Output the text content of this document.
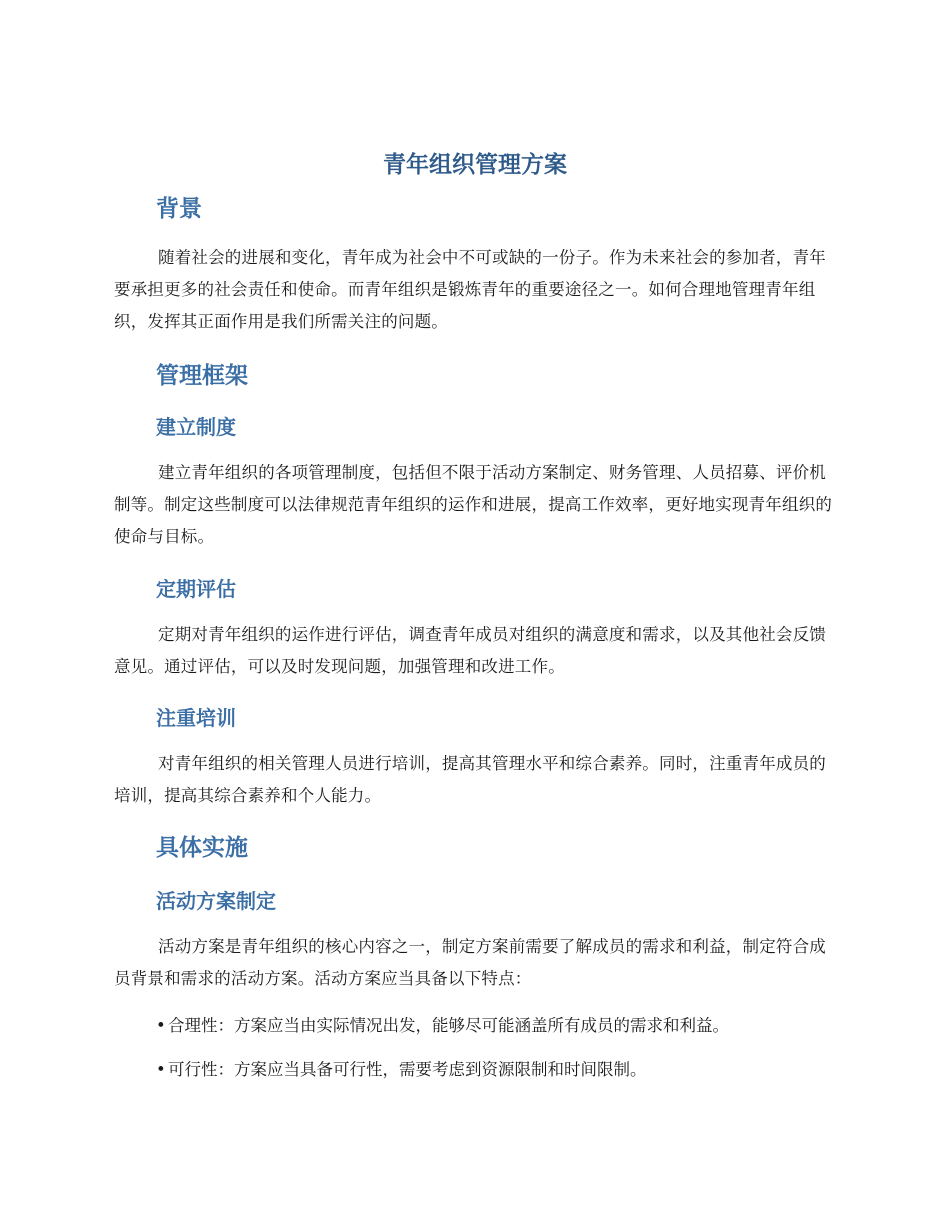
青年组织管理方案
背景

随着社会的进展和变化，青年成为社会中不可或缺的一份子。作为未来社会的参加者，青年要承担更多的社会责任和使命。而青年组织是锻炼青年的重要途径之一。如何合理地管理青年组织，发挥其正面作用是我们所需关注的问题。

管理框架
建立制度

建立青年组织的各项管理制度，包括但不限于活动方案制定、财务管理、人员招募、评价机制等。制定这些制度可以法律规范青年组织的运作和进展，提高工作效率，更好地实现青年组织的使命与目标。

定期评估

定期对青年组织的运作进行评估，调查青年成员对组织的满意度和需求，以及其他社会反馈意见。通过评估，可以及时发现问题，加强管理和改进工作。

注重培训

对青年组织的相关管理人员进行培训，提高其管理水平和综合素养。同时，注重青年成员的培训，提高其综合素养和个人能力。

具体实施
活动方案制定

活动方案是青年组织的核心内容之一，制定方案前需要了解成员的需求和利益，制定符合成员背景和需求的活动方案。活动方案应当具备以下特点：

• 合理性：方案应当由实际情况出发，能够尽可能涵盖所有成员的需求和利益。

• 可行性：方案应当具备可行性，需要考虑到资源限制和时间限制。
